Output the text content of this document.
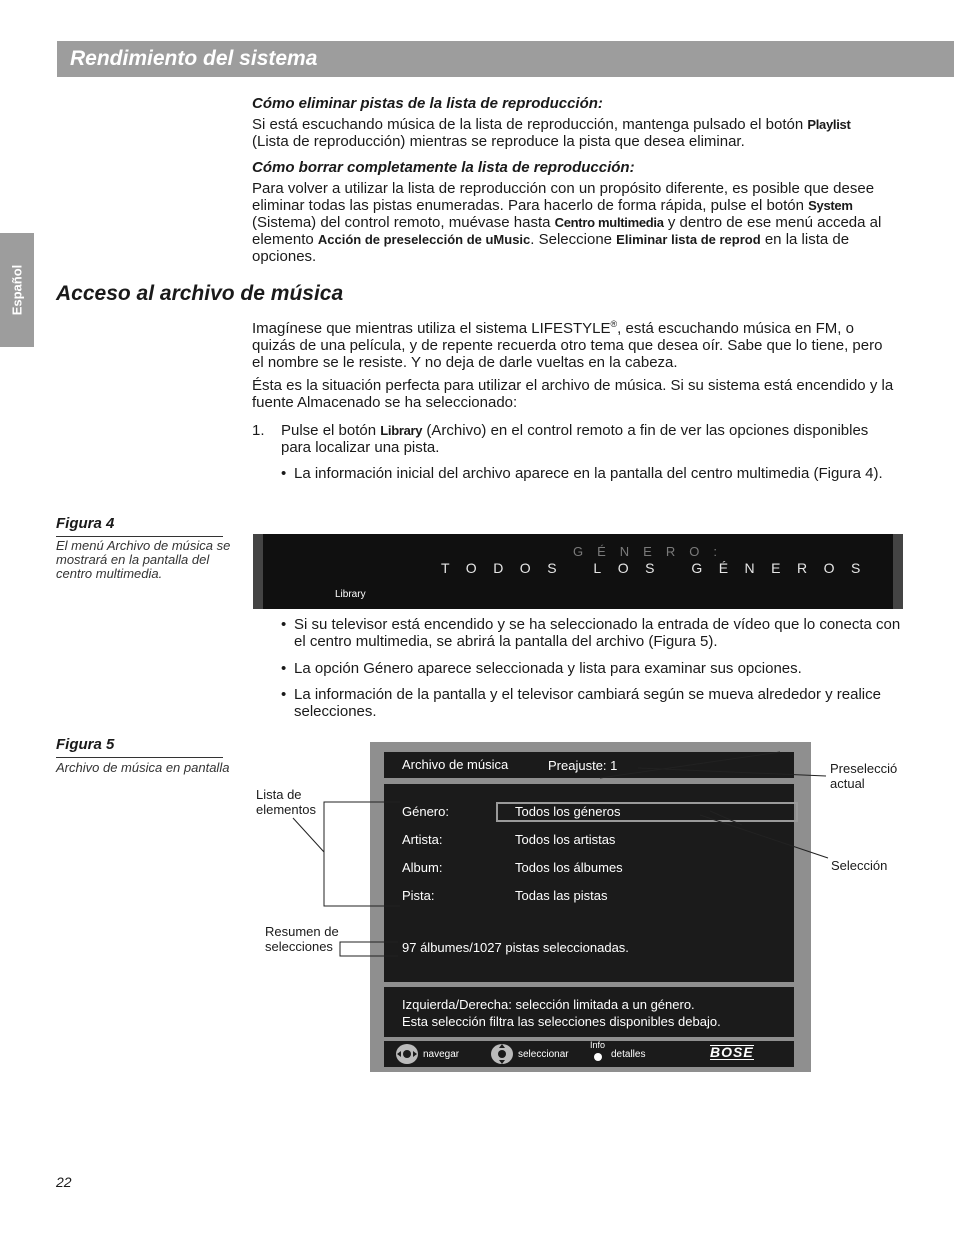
Rendimiento del sistema
Español

Cómo eliminar pistas de la lista de reproducción:

Si está escuchando música de la lista de reproducción, mantenga pulsado el botón Playlist
(Lista de reproducción) mientras se reproduce la pista que desea eliminar.

Cómo borrar completamente la lista de reproducción:

Para volver a utilizar la lista de reproducción con un propósito diferente, es posible que desee eliminar todas las pistas enumeradas. Para hacerlo de forma rápida, pulse el botón System (Sistema) del control remoto, muévase hasta Centro multimedia y dentro de ese menú acceda al elemento Acción de preselección de uMusic. Seleccione Eliminar lista de reprod en la lista de opciones.

Acceso al archivo de música

Imagínese que mientras utiliza el sistema LIFESTYLE®, está escuchando música en FM, o quizás de una película, y de repente recuerda otro tema que desea oír. Sabe que lo tiene, pero el nombre se le resiste. Y no deja de darle vueltas en la cabeza.

Ésta es la situación perfecta para utilizar el archivo de música. Si su sistema está encendido y la fuente Almacenado se ha seleccionado:

1. Pulse el botón Library (Archivo) en el control remoto a fin de ver las opciones disponibles para localizar una pista.

• La información inicial del archivo aparece en la pantalla del centro multimedia (Figura 4).
Figura 4
El menú Archivo de música se mostrará en la pantalla del centro multimedia.
GÉNERO:
TODOS LOS GÉNEROS
Library
• Si su televisor está encendido y se ha seleccionado la entrada de vídeo que lo conecta con el centro multimedia, se abrirá la pantalla del archivo (Figura 5).
• La opción Género aparece seleccionada y lista para examinar sus opciones.
• La información de la pantalla y el televisor cambiará según se mueva alrededor y realice selecciones.
Figura 5
Archivo de música en pantalla	Archivo de música	Preajuste: 1
Género:	Todos los géneros
Artista:	Todos los artistas
Album:	Todos los álbumes
Pista:	Todas las pistas
97 álbumes/1027 pistas seleccionadas.
Izquierda/Derecha: selección limitada a un género.
Esta selección filtra las selecciones disponibles debajo.
navegar	seleccionar
Info
detalles	BOSE
Lista de elementos
Resumen de selecciones
Preselecció actual
Selección
22
